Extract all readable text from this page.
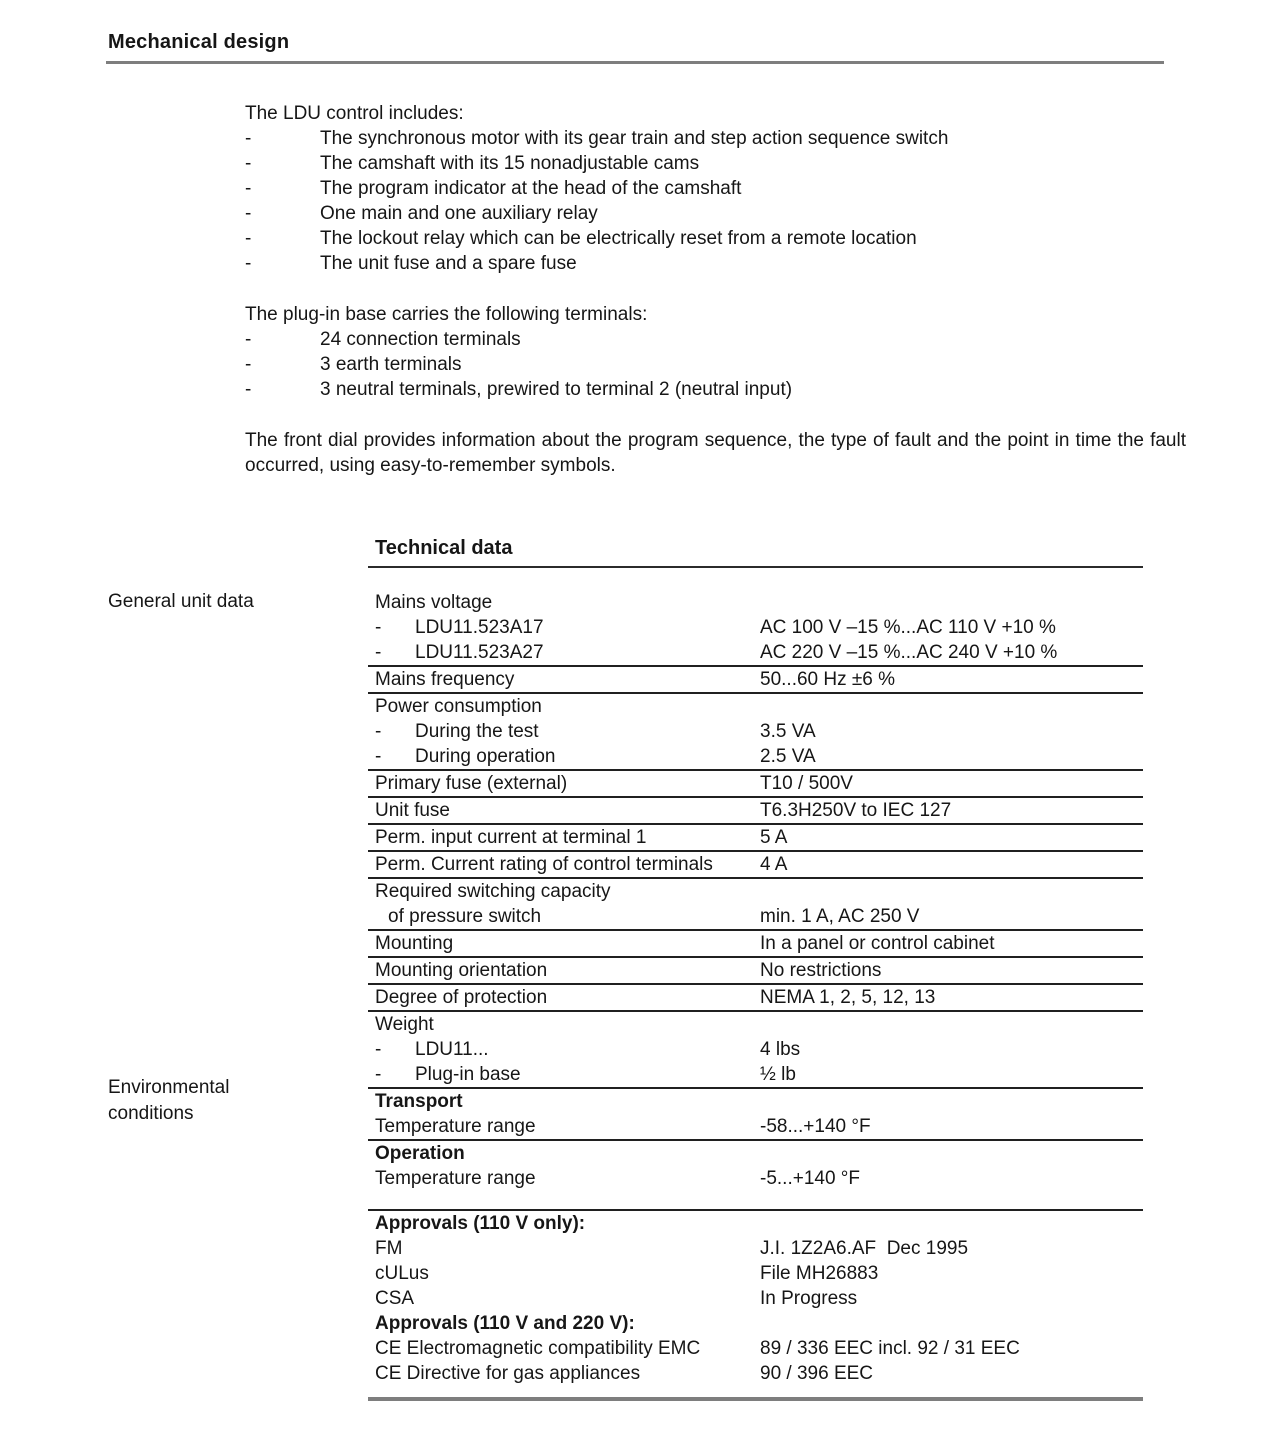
Mechanical design
General unit data
Environmental conditions
The LDU control includes:
-	The synchronous motor with its gear train and step action sequence switch
-	The camshaft with its 15 nonadjustable cams
-	The program indicator at the head of the camshaft
-	One main and one auxiliary relay
-	The lockout relay which can be electrically reset from a remote location
-	The unit fuse and a spare fuse
The plug-in base carries the following terminals:
-	24 connection terminals
-	3 earth terminals
-	3 neutral terminals, prewired to terminal 2 (neutral input)

The front dial provides information about the program sequence, the type of fault and the point in time the fault occurred, using easy-to-remember symbols.

Technical data
Mains voltage
-	LDU11.523A17	AC 100 V –15 %...AC 110 V +10 %
-	LDU11.523A27	AC 220 V –15 %...AC 240 V +10 %
Mains frequency	50...60 Hz ±6 %
Power consumption
-	During the test	3.5 VA
-	During operation	2.5 VA
Primary fuse (external)	T10 / 500V
Unit fuse	T6.3H250V to IEC 127
Perm. input current at terminal 1	5 A
Perm. Current rating of control terminals	4 A
Required switching capacity
of pressure switch	min. 1 A, AC 250 V
Mounting	In a panel or control cabinet
Mounting orientation	No restrictions
Degree of protection	NEMA 1, 2, 5, 12, 13
Weight
-	LDU11...	4 lbs
-	Plug-in base	½ lb
Transport
Temperature range	-58...+140 °F
Operation
Temperature range	-5...+140 °F
Approvals (110 V only):
FM	J.I. 1Z2A6.AF  Dec 1995
cULus	File MH26883
CSA	In Progress
Approvals (110 V and 220 V):
CE Electromagnetic compatibility EMC	89 / 336 EEC incl. 92 / 31 EEC
CE Directive for gas appliances	90 / 396 EEC
